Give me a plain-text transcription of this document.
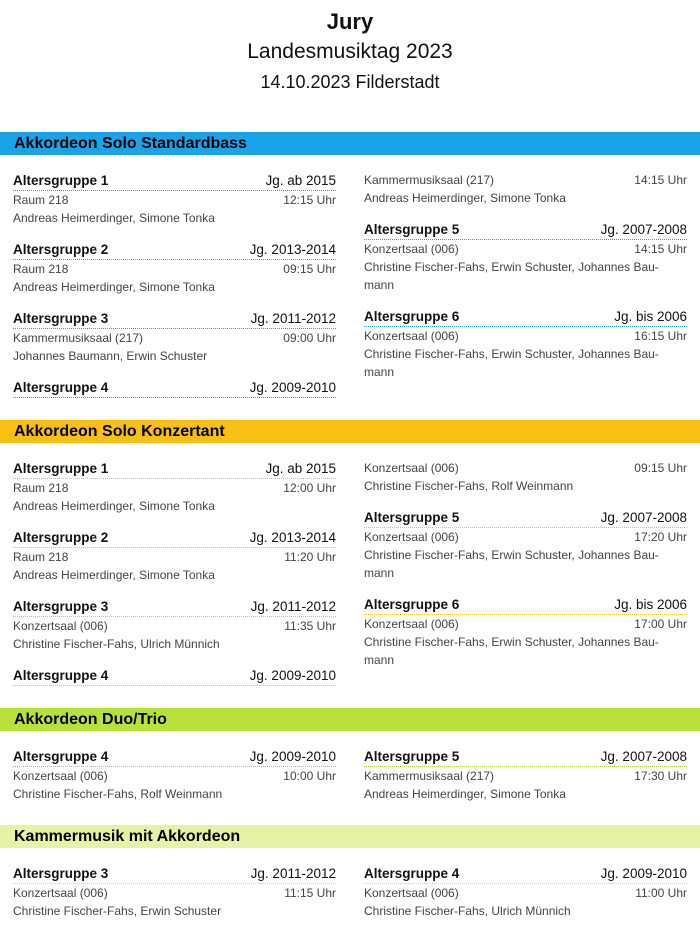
Jury
Landesmusiktag 2023
14.10.2023 Filderstadt
Akkordeon Solo Standardbass
Altersgruppe 1	Jg. ab 2015
Raum 218	12:15 Uhr
Andreas Heimerdinger, Simone Tonka
Altersgruppe 2	Jg. 2013-2014
Raum 218	09:15 Uhr
Andreas Heimerdinger, Simone Tonka
Altersgruppe 3	Jg. 2011-2012
Kammermusiksaal (217)	09:00 Uhr
Johannes Baumann, Erwin Schuster
Altersgruppe 4	Jg. 2009-2010
Kammermusiksaal (217)	14:15 Uhr
Andreas Heimerdinger, Simone Tonka
Altersgruppe 5	Jg. 2007-2008
Konzertsaal (006)	14:15 Uhr
Christine Fischer-Fahs, Erwin Schuster, Johannes Bau-
mann
Altersgruppe 6	Jg. bis 2006
Konzertsaal (006)	16:15 Uhr
Christine Fischer-Fahs, Erwin Schuster, Johannes Bau-
mann
Akkordeon Solo Konzertant
Altersgruppe 1	Jg. ab 2015
Raum 218	12:00 Uhr
Andreas Heimerdinger, Simone Tonka
Altersgruppe 2	Jg. 2013-2014
Raum 218	11:20 Uhr
Andreas Heimerdinger, Simone Tonka
Altersgruppe 3	Jg. 2011-2012
Konzertsaal (006)	11:35 Uhr
Christine Fischer-Fahs, Ulrich Münnich
Altersgruppe 4	Jg. 2009-2010
Konzertsaal (006)	09:15 Uhr
Christine Fischer-Fahs, Rolf Weinmann
Altersgruppe 5	Jg. 2007-2008
Konzertsaal (006)	17:20 Uhr
Christine Fischer-Fahs, Erwin Schuster, Johannes Bau-
mann
Altersgruppe 6	Jg. bis 2006
Konzertsaal (006)	17:00 Uhr
Christine Fischer-Fahs, Erwin Schuster, Johannes Bau-
mann
Akkordeon Duo/Trio
Altersgruppe 4	Jg. 2009-2010
Konzertsaal (006)	10:00 Uhr
Christine Fischer-Fahs, Rolf Weinmann
Altersgruppe 5	Jg. 2007-2008
Kammermusiksaal (217)	17:30 Uhr
Andreas Heimerdinger, Simone Tonka
Kammermusik mit Akkordeon
Altersgruppe 3	Jg. 2011-2012
Konzertsaal (006)	11:15 Uhr
Christine Fischer-Fahs, Erwin Schuster
Altersgruppe 4	Jg. 2009-2010
Konzertsaal (006)	11:00 Uhr
Christine Fischer-Fahs, Ulrich Münnich
